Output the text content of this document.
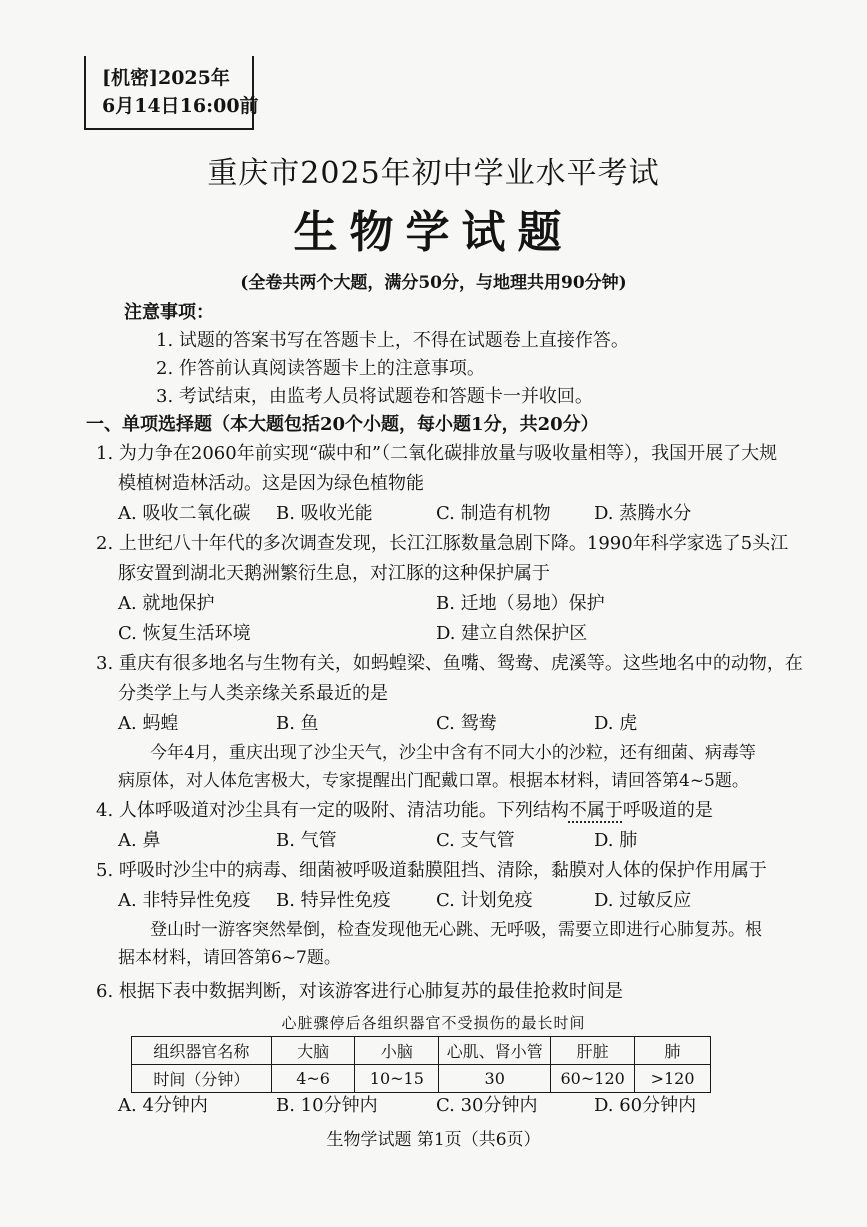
[机密]2025年
6月14日16:00前
重庆市2025年初中学业水平考试
生物学试题
(全卷共两个大题，满分50分，与地理共用90分钟)
注意事项：
1. 试题的答案书写在答题卡上，不得在试题卷上直接作答。
2. 作答前认真阅读答题卡上的注意事项。
3. 考试结束，由监考人员将试题卷和答题卡一并收回。
一、单项选择题（本大题包括20个小题，每小题1分，共20分）
1. 为力争在2060年前实现“碳中和”（二氧化碳排放量与吸收量相等），我国开展了大规
模植树造林活动。这是因为绿色植物能
A. 吸收二氧化碳 B. 吸收光能	C. 制造有机物 D. 蒸腾水分
2. 上世纪八十年代的多次调查发现，长江江豚数量急剧下降。1990年科学家选了5头江
豚安置到湖北天鹅洲繁衍生息，对江豚的这种保护属于
A. 就地保护	B. 迁地（易地）保护
C. 恢复生活环境	D. 建立自然保护区
3. 重庆有很多地名与生物有关，如蚂蝗梁、鱼嘴、鸳鸯、虎溪等。这些地名中的动物，在
分类学上与人类亲缘关系最近的是
A. 蚂蝗	B. 鱼	C. 鸳鸯	D. 虎
今年4月，重庆出现了沙尘天气，沙尘中含有不同大小的沙粒，还有细菌、病毒等
病原体，对人体危害极大，专家提醒出门配戴口罩。根据本材料，请回答第4~5题。
4. 人体呼吸道对沙尘具有一定的吸附、清洁功能。下列结构不属于呼吸道的是
A. 鼻	B. 气管	C. 支气管	D. 肺
5. 呼吸时沙尘中的病毒、细菌被呼吸道黏膜阻挡、清除，黏膜对人体的保护作用属于
A. 非特异性免疫 B. 特异性免疫	C. 计划免疫	D. 过敏反应
登山时一游客突然晕倒，检查发现他无心跳、无呼吸，需要立即进行心肺复苏。根
据本材料，请回答第6~7题。
6. 根据下表中数据判断，对该游客进行心肺复苏的最佳抢救时间是
心脏骤停后各组织器官不受损伤的最长时间
组织器官名称	大脑	小脑	心肌、肾小管	肝脏	肺
时间（分钟）	4~6	10~15	30	60~120	>120
A. 4分钟内	B. 10分钟内	C. 30分钟内	D. 60分钟内
生物学试题 第1页（共6页）
